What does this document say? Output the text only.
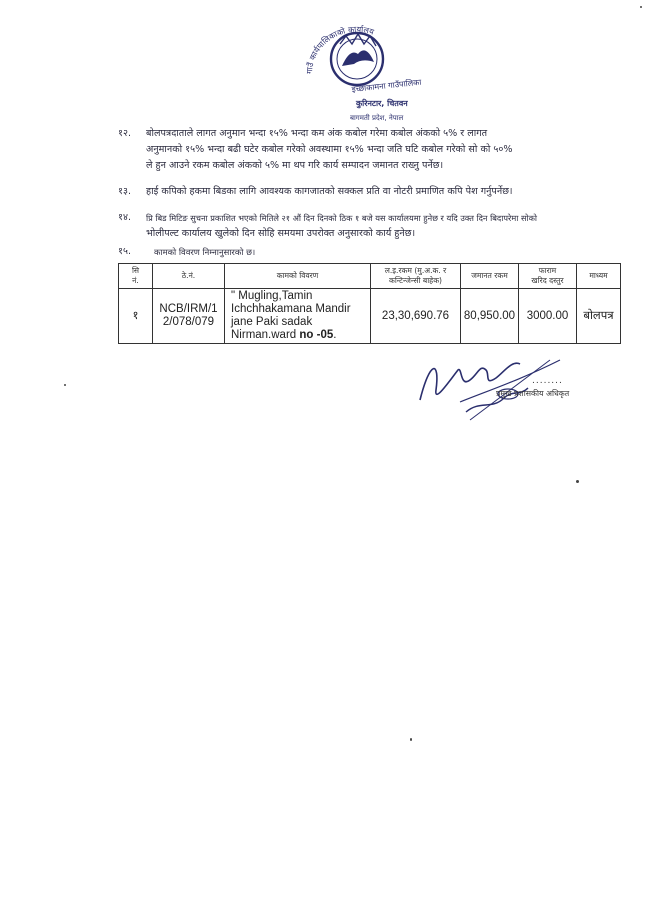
गाउँ कार्यपालिकाको कार्यालय
इच्छाकामना गाउँपालिका
कुरिनटार, चितवन
बागमती प्रदेश, नेपाल
१२. बोलपत्रदाताले लागत अनुमान भन्दा १५% भन्दा कम अंक कबोल गरेमा कबोल अंकको ५% र लागत
अनुमानको १५% भन्दा बढी घटेर कबोल गरेको अवस्थामा १५% भन्दा जति घटि कबोल गरेको सो को ५०%
ले हुन आउने रकम कबोल अंकको ५% मा थप गरि कार्य सम्पादन जमानत राख्नु पर्नेछ।
१३. हाई कपिको हकमा बिडका लागि आवश्यक कागजातको सक्कल प्रति वा नोटरी प्रमाणित कपि पेश गर्नुपर्नेछ।
१४. प्रि बिड मिटिङ सुचना प्रकाशित भएको मितिले २१ औं दिन दिनको ठिक १ बजे यस कार्यालयमा हुनेछ र यदि उक्त दिन बिदापरेमा सोको
भोलीपल्ट कार्यालय खुलेको दिन सोहि समयमा उपरोक्त अनुसारको कार्य हुनेछ।
१५.	कामको विवरण निम्नानुसारको छ।
सि
नं.	ठे.नं.	कामको विवरण	ल.इ.रकम (मु.अ.क. र
कन्टिन्जेन्सी बाहेक)	जमानत रकम	फाराम
खरिद दस्तुर	माध्यम
१	NCB/IRM/12/078/079	" Mugling,Tamin Ichchhakamana Mandir jane Paki sadak Nirman.ward no -05.	23,30,690.76	80,950.00	3000.00	बोलपत्र
........
प्रमुख प्रशासकीय अधिकृत
